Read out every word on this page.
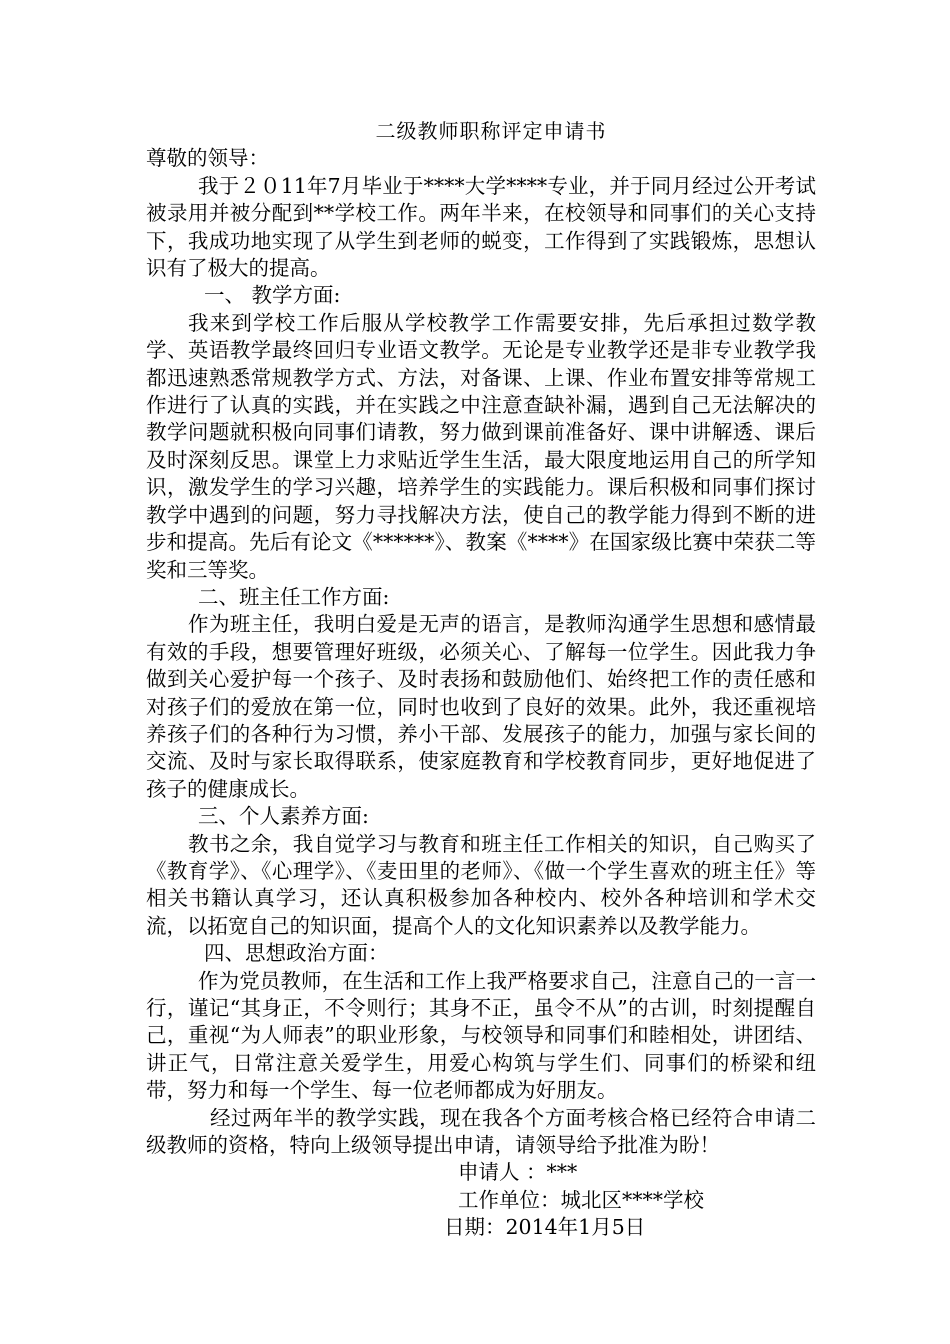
二级教师职称评定申请书

尊敬的领导：

我于２０11年7月毕业于****大学****专业，并于同月经过公开考试被录用并被分配到**学校工作。两年半来，在校领导和同事们的关心支持下，我成功地实现了从学生到老师的蜕变，工作得到了实践锻炼，思想认识有了极大的提高。

一、 教学方面:

我来到学校工作后服从学校教学工作需要安排，先后承担过数学教学、英语教学最终回归专业语文教学。无论是专业教学还是非专业教学我都迅速熟悉常规教学方式、方法，对备课、上课、作业布置安排等常规工作进行了认真的实践，并在实践之中注意查缺补漏，遇到自己无法解决的教学问题就积极向同事们请教，努力做到课前准备好、课中讲解透、课后及时深刻反思。课堂上力求贴近学生生活，最大限度地运用自己的所学知识，激发学生的学习兴趣，培养学生的实践能力。课后积极和同事们探讨教学中遇到的问题，努力寻找解决方法，使自己的教学能力得到不断的进步和提高。先后有论文《******》、教案《****》在国家级比赛中荣获二等奖和三等奖。

二、班主任工作方面:

作为班主任，我明白爱是无声的语言，是教师沟通学生思想和感情最有效的手段，想要管理好班级，必须关心、了解每一位学生。因此我力争做到关心爱护每一个孩子、及时表扬和鼓励他们、始终把工作的责任感和对孩子们的爱放在第一位，同时也收到了良好的效果。此外，我还重视培养孩子们的各种行为习惯，养小干部、发展孩子的能力，加强与家长间的交流、及时与家长取得联系，使家庭教育和学校教育同步，更好地促进了孩子的健康成长。

三、个人素养方面:

教书之余，我自觉学习与教育和班主任工作相关的知识，自己购买了《教育学》、《心理学》、《麦田里的老师》、《做一个学生喜欢的班主任》等相关书籍认真学习，还认真积极参加各种校内、校外各种培训和学术交流，以拓宽自己的知识面，提高个人的文化知识素养以及教学能力。

四、思想政治方面：

作为党员教师，在生活和工作上我严格要求自己，注意自己的一言一行，谨记“其身正，不令则行；其身不正，虽令不从”的古训，时刻提醒自己，重视“为人师表”的职业形象，与校领导和同事们和睦相处，讲团结、讲正气，日常注意关爱学生，用爱心构筑与学生们、同事们的桥梁和纽带，努力和每一个学生、每一位老师都成为好朋友。

经过两年半的教学实践，现在我各个方面考核合格已经符合申请二级教师的资格，特向上级领导提出申请，请领导给予批准为盼！

申请人 ：***

工作单位：城北区****学校

日期：2014年1月5日
